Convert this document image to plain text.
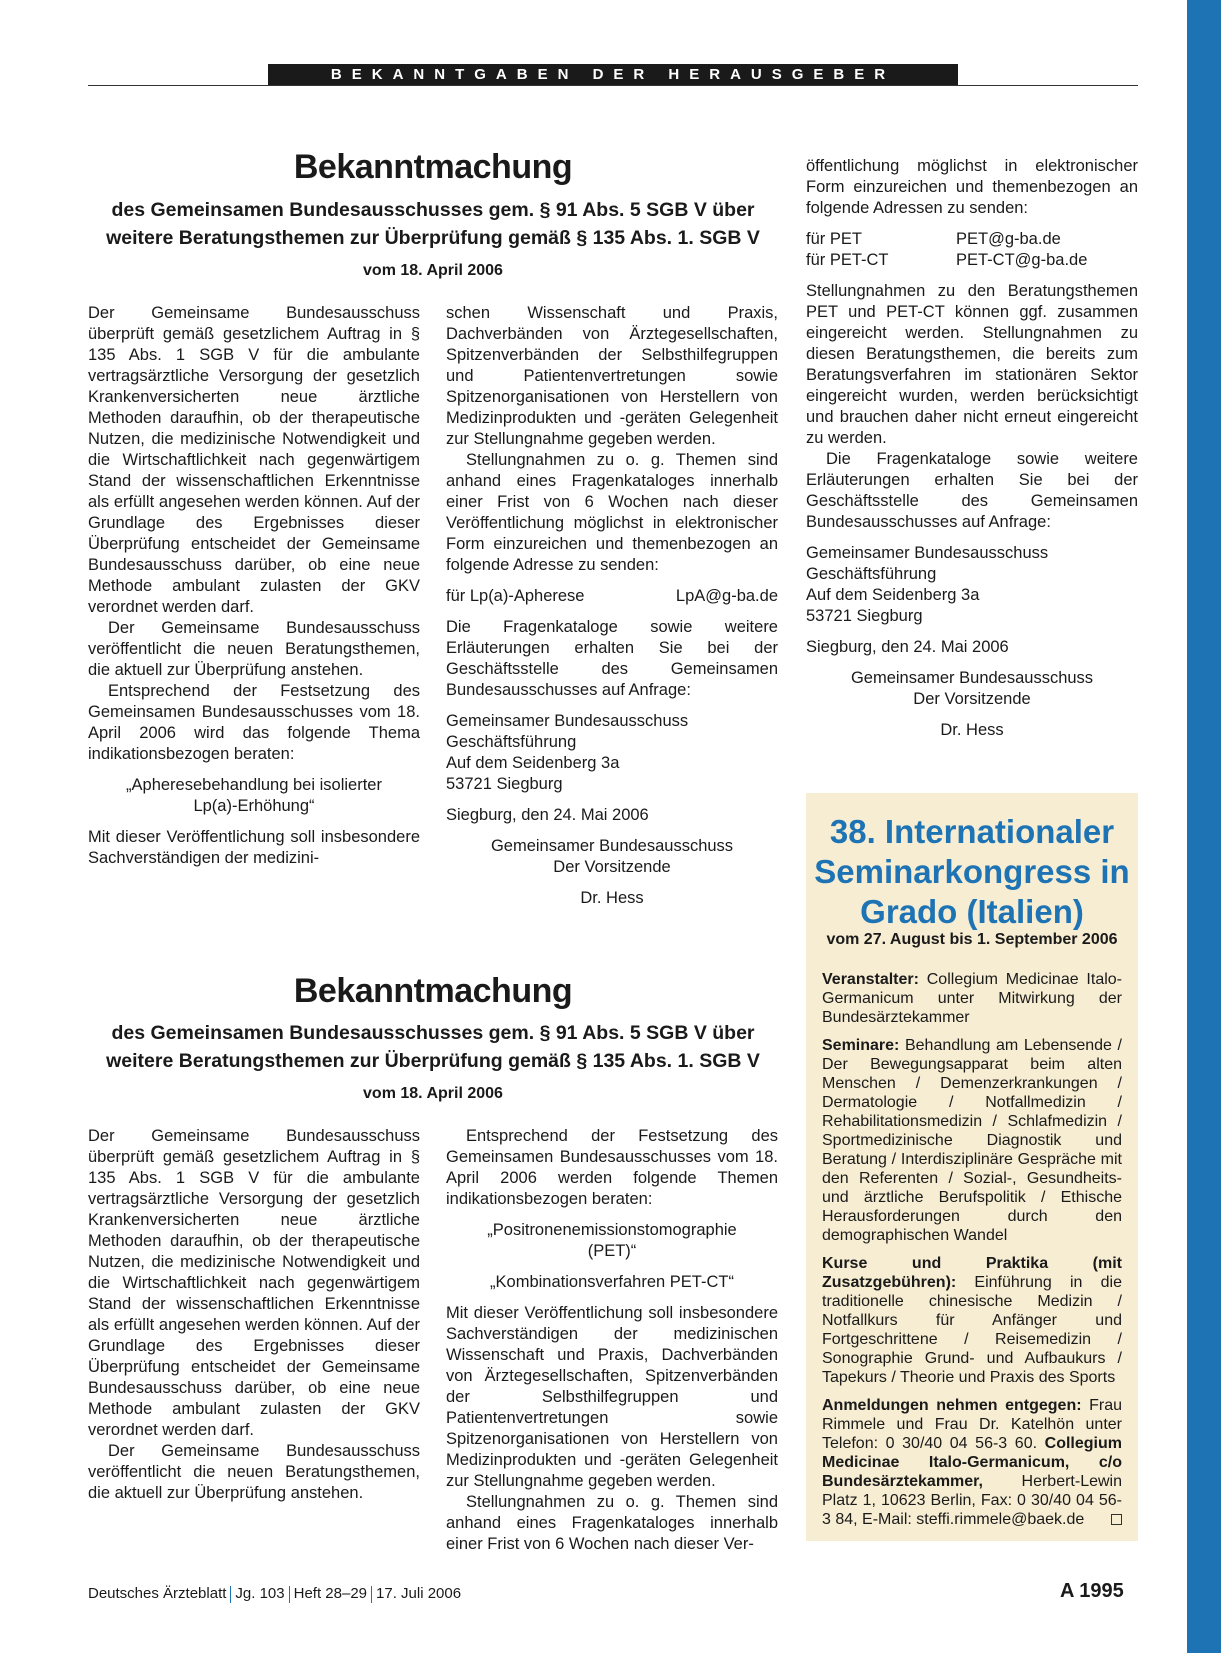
BEKANNTGABEN DER HERAUSGEBER
Bekanntmachung
des Gemeinsamen Bundesausschusses gem. § 91 Abs. 5 SGB V über
weitere Beratungsthemen zur Überprüfung gemäß § 135 Abs. 1. SGB V
vom 18. April 2006

Der Gemeinsame Bundesausschuss überprüft gemäß gesetzlichem Auftrag in § 135 Abs. 1 SGB V für die ambulante vertragsärztliche Versorgung der gesetzlich Krankenversicherten neue ärztliche Methoden daraufhin, ob der therapeutische Nutzen, die medizinische Notwendigkeit und die Wirtschaftlichkeit nach gegenwärtigem Stand der wissenschaftlichen Erkenntnisse als erfüllt angesehen werden können. Auf der Grundlage des Ergebnisses dieser Überprüfung entscheidet der Gemeinsame Bundesausschuss darüber, ob eine neue Methode ambulant zulasten der GKV verordnet werden darf.

Der Gemeinsame Bundesausschuss veröffentlicht die neuen Beratungsthemen, die aktuell zur Überprüfung anstehen.

Entsprechend der Festsetzung des Gemeinsamen Bundesausschusses vom 18. April 2006 wird das folgende Thema indikationsbezogen beraten:

„Apheresebehandlung bei isolierter Lp(a)-Erhöhung“

Mit dieser Veröffentlichung soll insbesondere Sachverständigen der medizini-

schen Wissenschaft und Praxis, Dachverbänden von Ärztegesellschaften, Spitzenverbänden der Selbsthilfegruppen und Patientenvertretungen sowie Spitzenorganisationen von Herstellern von Medizinprodukten und -geräten Gelegenheit zur Stellungnahme gegeben werden.

Stellungnahmen zu o. g. Themen sind anhand eines Fragenkataloges innerhalb einer Frist von 6 Wochen nach dieser Veröffentlichung möglichst in elektronischer Form einzureichen und themenbezogen an folgende Adresse zu senden:

für Lp(a)-Apherese	LpA@g-ba.de

Die Fragenkataloge sowie weitere Erläuterungen erhalten Sie bei der Geschäftsstelle des Gemeinsamen Bundesausschusses auf Anfrage:

Gemeinsamer Bundesausschuss
Geschäftsführung
Auf dem Seidenberg 3a
53721 Siegburg

Siegburg, den 24. Mai 2006

Gemeinsamer Bundesausschuss

Der Vorsitzende

Dr. Hess

Bekanntmachung
des Gemeinsamen Bundesausschusses gem. § 91 Abs. 5 SGB V über
weitere Beratungsthemen zur Überprüfung gemäß § 135 Abs. 1. SGB V
vom 18. April 2006

Der Gemeinsame Bundesausschuss überprüft gemäß gesetzlichem Auftrag in § 135 Abs. 1 SGB V für die ambulante vertragsärztliche Versorgung der gesetzlich Krankenversicherten neue ärztliche Methoden daraufhin, ob der therapeutische Nutzen, die medizinische Notwendigkeit und die Wirtschaftlichkeit nach gegenwärtigem Stand der wissenschaftlichen Erkenntnisse als erfüllt angesehen werden können. Auf der Grundlage des Ergebnisses dieser Überprüfung entscheidet der Gemeinsame Bundesausschuss darüber, ob eine neue Methode ambulant zulasten der GKV verordnet werden darf.

Der Gemeinsame Bundesausschuss veröffentlicht die neuen Beratungsthemen, die aktuell zur Überprüfung anstehen.

Entsprechend der Festsetzung des Gemeinsamen Bundesausschusses vom 18. April 2006 werden folgende Themen indikationsbezogen beraten:

„Positronenemissionstomographie (PET)“

„Kombinationsverfahren PET-CT“

Mit dieser Veröffentlichung soll insbesondere Sachverständigen der medizinischen Wissenschaft und Praxis, Dachverbänden von Ärztegesellschaften, Spitzenverbänden der Selbsthilfegruppen und Patientenvertretungen sowie Spitzenorganisationen von Herstellern von Medizinprodukten und -geräten Gelegenheit zur Stellungnahme gegeben werden.

Stellungnahmen zu o. g. Themen sind anhand eines Fragenkataloges innerhalb einer Frist von 6 Wochen nach dieser Ver-

öffentlichung möglichst in elektronischer Form einzureichen und themenbezogen an folgende Adressen zu senden:

für PET	PET@g-ba.de
für PET-CT	PET-CT@g-ba.de

Stellungnahmen zu den Beratungsthemen PET und PET-CT können ggf. zusammen eingereicht werden. Stellungnahmen zu diesen Beratungsthemen, die bereits zum Beratungsverfahren im stationären Sektor eingereicht wurden, werden berücksichtigt und brauchen daher nicht erneut eingereicht zu werden.

Die Fragenkataloge sowie weitere Erläuterungen erhalten Sie bei der Geschäftsstelle des Gemeinsamen Bundesausschusses auf Anfrage:

Gemeinsamer Bundesausschuss
Geschäftsführung
Auf dem Seidenberg 3a
53721 Siegburg

Siegburg, den 24. Mai 2006

Gemeinsamer Bundesausschuss

Der Vorsitzende

Dr. Hess

38. Internationaler
Seminarkongress in
Grado (Italien)
vom 27. August bis 1. September 2006

Veranstalter: Collegium Medicinae Italo-Germanicum unter Mitwirkung der Bundesärztekammer

Seminare: Behandlung am Lebensende / Der Bewegungsapparat beim alten Menschen / Demenzerkrankungen / Dermatologie / Notfallmedizin / Rehabilitationsmedizin / Schlafmedizin / Sportmedizinische Diagnostik und Beratung / Interdisziplinäre Gespräche mit den Referenten / Sozial-, Gesundheits- und ärztliche Berufspolitik / Ethische Herausforderungen durch den demographischen Wandel

Kurse und Praktika (mit Zusatzgebühren): Einführung in die traditionelle chinesische Medizin / Notfallkurs für Anfänger und Fortgeschrittene / Reisemedizin / Sonographie Grund- und Aufbaukurs / Tapekurs / Theorie und Praxis des Sports

Anmeldungen nehmen entgegen: Frau Rimmele und Frau Dr. Katelhön unter Telefon: 0 30/40 04 56-3 60. Collegium Medicinae Italo-Germanicum, c/o Bundesärztekammer, Herbert-Lewin Platz 1, 10623 Berlin, Fax: 0 30/40 04 56-3 84, E-Mail: steffi.rimmele@baek.de

Deutsches Ärzteblatt Jg. 103 Heft 28–29 17. Juli 2006	A 1995
